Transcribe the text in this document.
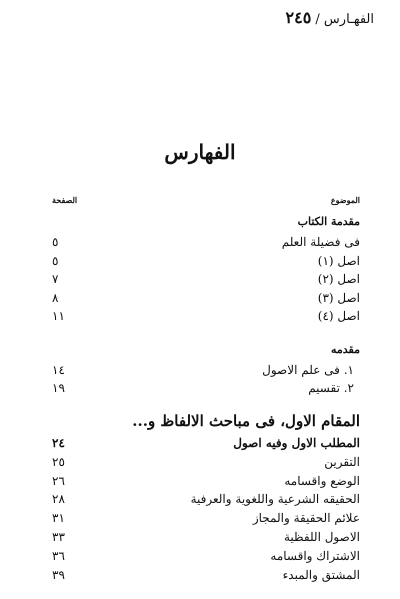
الفهـارس / ٢٤٥
الفهارس
الموضوع
الصفحة
مقدمة الكتاب
فى فضيلة العلم
٥
اصل (١)
٥
اصل (٢)
٧
اصل (٣)
٨
اصل (٤)
١١
مقدمه
١. فى علم الاصول
١٤
٢. تقسيم
١٩
المقام الاول، فى مباحث الالفاظ و...
المطلب الاول وفيه اصول
٢٤
التقرين
٢٥
الوضع واقسامه
٢٦
الحقيقه الشرعية واللغوية والعرفية
٢٨
علائم الحقيقة والمجاز
٣١
الاصول اللفظية
٣٣
الاشتراك واقسامه
٣٦
المشتق والمبدء
٣٩
